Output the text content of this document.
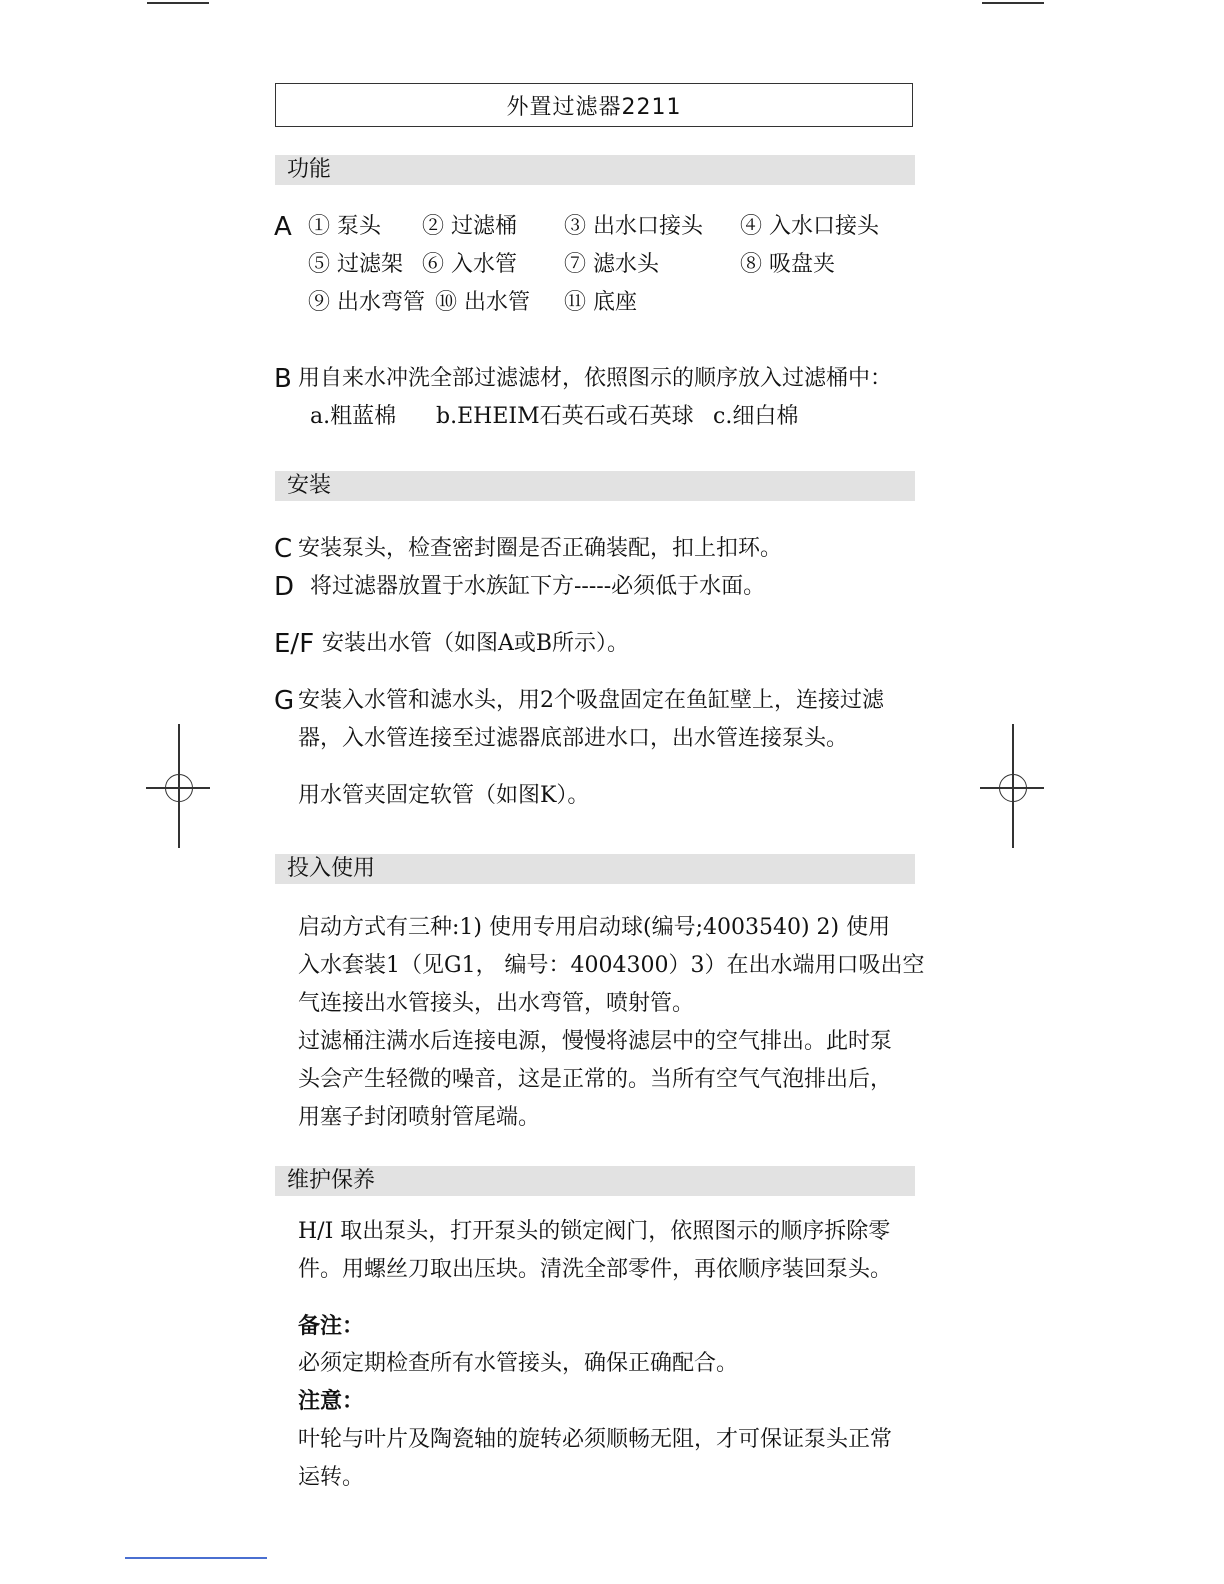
外置过滤器2211
功能
A ① 泵头 ② 过滤桶 ③ 出水口接头 ④ 入水口接头
⑤ 过滤架 ⑥ 入水管 ⑦ 滤水头	⑧ 吸盘夹
⑨ 出水弯管 ⑩ 出水管 ⑪ 底座
B 用自来水冲洗全部过滤滤材，依照图示的顺序放入过滤桶中：
a.粗蓝棉 b.EHEIM石英石或石英球 c.细白棉
安装
C 安装泵头，检查密封圈是否正确装配，扣上扣环。
D 将过滤器放置于水族缸下方-----必须低于水面。
E/F 安装出水管（如图A或B所示）。
G 安装入水管和滤水头，用2个吸盘固定在鱼缸壁上，连接过滤
器，入水管连接至过滤器底部进水口，出水管连接泵头。
用水管夹固定软管（如图K）。
投入使用
启动方式有三种:1) 使用专用启动球(编号;4003540) 2) 使用
入水套装1（见G1， 编号：4004300）3）在出水端用口吸出空
气连接出水管接头，出水弯管，喷射管。
过滤桶注满水后连接电源，慢慢将滤层中的空气排出。此时泵
头会产生轻微的噪音，这是正常的。当所有空气气泡排出后，
用塞子封闭喷射管尾端。
维护保养
H/I 取出泵头，打开泵头的锁定阀门，依照图示的顺序拆除零
件。用螺丝刀取出压块。清洗全部零件，再依顺序装回泵头。
备注：
必须定期检查所有水管接头，确保正确配合。
注意：
叶轮与叶片及陶瓷轴的旋转必须顺畅无阻，才可保证泵头正常
运转。
